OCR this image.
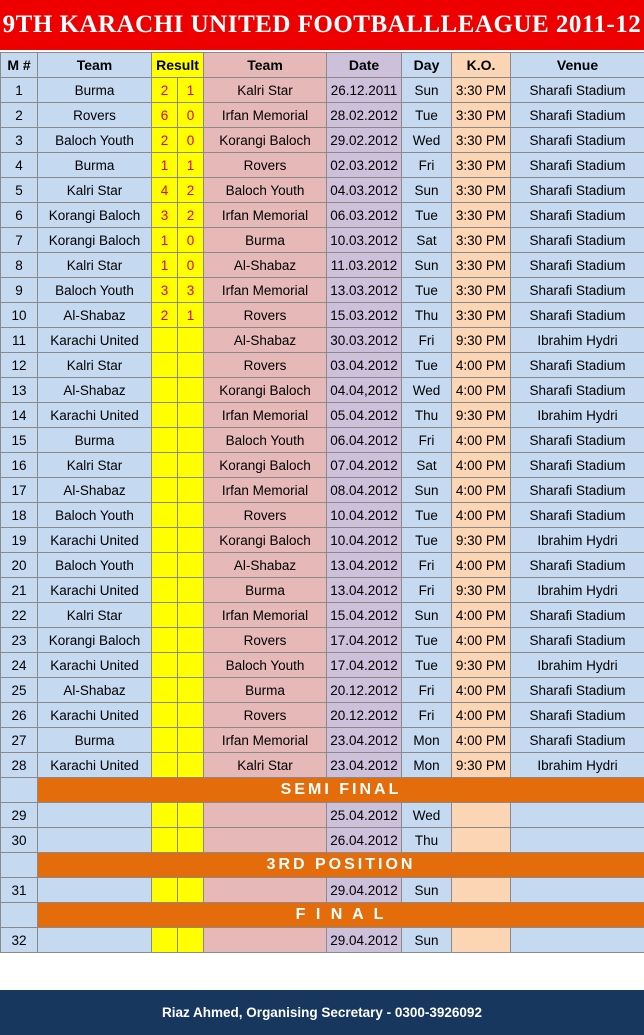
9TH KARACHI UNITED FOOTBALLLEAGUE 2011-12
M #	Team	Result		Team	Date	Day	K.O.	Venue
1	Burma	2	1	Kalri Star	26.12.2011	Sun	3:30 PM	Sharafi Stadium
2	Rovers	6	0	Irfan Memorial	28.02.2012	Tue	3:30 PM	Sharafi Stadium
3	Baloch Youth	2	0	Korangi Baloch	29.02.2012	Wed	3:30 PM	Sharafi Stadium
4	Burma	1	1	Rovers	02.03.2012	Fri	3:30 PM	Sharafi Stadium
5	Kalri Star	4	2	Baloch Youth	04.03.2012	Sun	3:30 PM	Sharafi Stadium
6	Korangi Baloch	3	2	Irfan Memorial	06.03.2012	Tue	3:30 PM	Sharafi Stadium
7	Korangi Baloch	1	0	Burma	10.03.2012	Sat	3:30 PM	Sharafi Stadium
8	Kalri Star	1	0	Al-Shabaz	11.03.2012	Sun	3:30 PM	Sharafi Stadium
9	Baloch Youth	3	3	Irfan Memorial	13.03.2012	Tue	3:30 PM	Sharafi Stadium
10	Al-Shabaz	2	1	Rovers	15.03.2012	Thu	3:30 PM	Sharafi Stadium
11	Karachi United			Al-Shabaz	30.03.2012	Fri	9:30 PM	Ibrahim Hydri
12	Kalri Star			Rovers	03.04.2012	Tue	4:00 PM	Sharafi Stadium
13	Al-Shabaz			Korangi Baloch	04.04,2012	Wed	4:00 PM	Sharafi Stadium
14	Karachi United			Irfan Memorial	05.04.2012	Thu	9:30 PM	Ibrahim Hydri
15	Burma			Baloch Youth	06.04.2012	Fri	4:00 PM	Sharafi Stadium
16	Kalri Star			Korangi Baloch	07.04.2012	Sat	4:00 PM	Sharafi Stadium
17	Al-Shabaz			Irfan Memorial	08.04.2012	Sun	4:00 PM	Sharafi Stadium
18	Baloch Youth			Rovers	10.04.2012	Tue	4:00 PM	Sharafi Stadium
19	Karachi United			Korangi Baloch	10.04.2012	Tue	9:30 PM	Ibrahim Hydri
20	Baloch Youth			Al-Shabaz	13.04.2012	Fri	4:00 PM	Sharafi Stadium
21	Karachi United			Burma	13.04.2012	Fri	9:30 PM	Ibrahim Hydri
22	Kalri Star			Irfan Memorial	15.04.2012	Sun	4:00 PM	Sharafi Stadium
23	Korangi Baloch			Rovers	17.04.2012	Tue	4:00 PM	Sharafi Stadium
24	Karachi United			Baloch Youth	17.04.2012	Tue	9:30 PM	Ibrahim Hydri
25	Al-Shabaz			Burma	20.12.2012	Fri	4:00 PM	Sharafi Stadium
26	Karachi United			Rovers	20.12.2012	Fri	4:00 PM	Sharafi Stadium
27	Burma			Irfan Memorial	23.04.2012	Mon	4:00 PM	Sharafi Stadium
28	Karachi United			Kalri Star	23.04.2012	Mon	9:30 PM	Ibrahim Hydri
	SEMI FINAL							
29					25.04.2012	Wed		
30					26.04.2012	Thu		
	3RD POSITION							
31					29.04.2012	Sun		
	F I N A L							
32					29.04.2012	Sun		
Riaz Ahmed, Organising Secretary - 0300-3926092
